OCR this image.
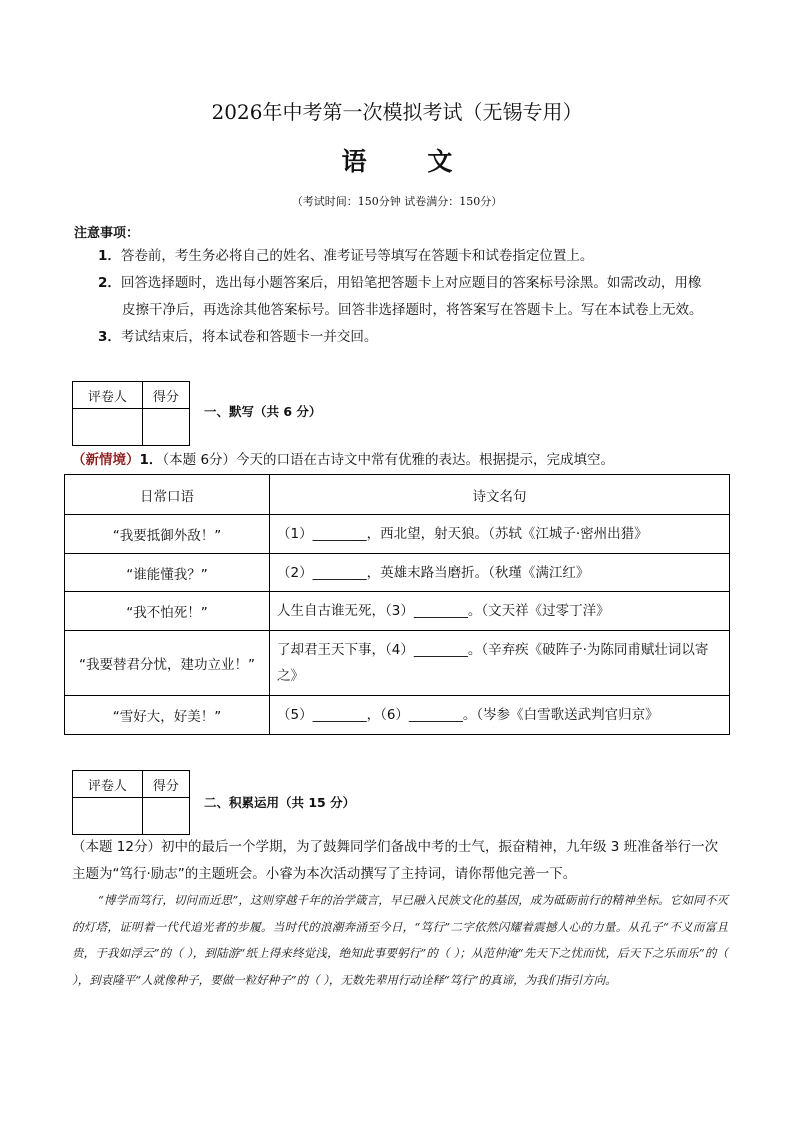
2026年中考第一次模拟考试（无锡专用）
语 文
（考试时间：150分钟 试卷满分：150分）
注意事项：
1．答卷前，考生务必将自己的姓名、准考证号等填写在答题卡和试卷指定位置上。
2．回答选择题时，选出每小题答案后，用铅笔把答题卡上对应题目的答案标号涂黑。如需改动，用橡
皮擦干净后，再选涂其他答案标号。回答非选择题时，将答案写在答题卡上。写在本试卷上无效。
3．考试结束后，将本试卷和答题卡一并交回。
评卷人	得分

一、默写（共 6 分）
（新情境）1．（本题 6分）今天的口语在古诗文中常有优雅的表达。根据提示，完成填空。
日常口语	诗文名句
“我要抵御外敌！”	（1）________，西北望，射天狼。（苏轼《江城子·密州出猎》
“谁能懂我？”	（2）________，英雄末路当磨折。（秋瑾《满江红》
“我不怕死！”	人生自古谁无死，（3）________。（文天祥《过零丁洋》
“我要替君分忧，建功立业！”	了却君王天下事，（4）________。（辛弃疾《破阵子·为陈同甫赋壮词以寄之》
“雪好大，好美！”	（5）________，（6）________。（岑参《白雪歌送武判官归京》
评卷人	得分

二、积累运用（共 15 分）
（本题 12分）初中的最后一个学期，为了鼓舞同学们备战中考的士气，振奋精神，九年级 3 班准备举行一次主题为“笃行·励志”的主题班会。小睿为本次活动撰写了主持词，请你帮他完善一下。
“博学而笃行，切问而近思”，这则穿越千年的治学箴言，早已融入民族文化的基因，成为砥砺前行的精神坐标。它如同不灭的灯塔，证明着一代代追光者的步履。当时代的浪潮奔涌至今日，“笃行”二字依然闪耀着震撼人心的力量。从孔子“不义而富且贵，于我如浮云”的（ ），到陆游“纸上得来终觉浅，绝知此事要躬行”的（ ）；从范仲淹“先天下之忧而忧，后天下之乐而乐”的（ ），到袁隆平“人就像种子，要做一粒好种子”的（ ），无数先辈用行动诠释“笃行”的真谛，为我们指引方向。
